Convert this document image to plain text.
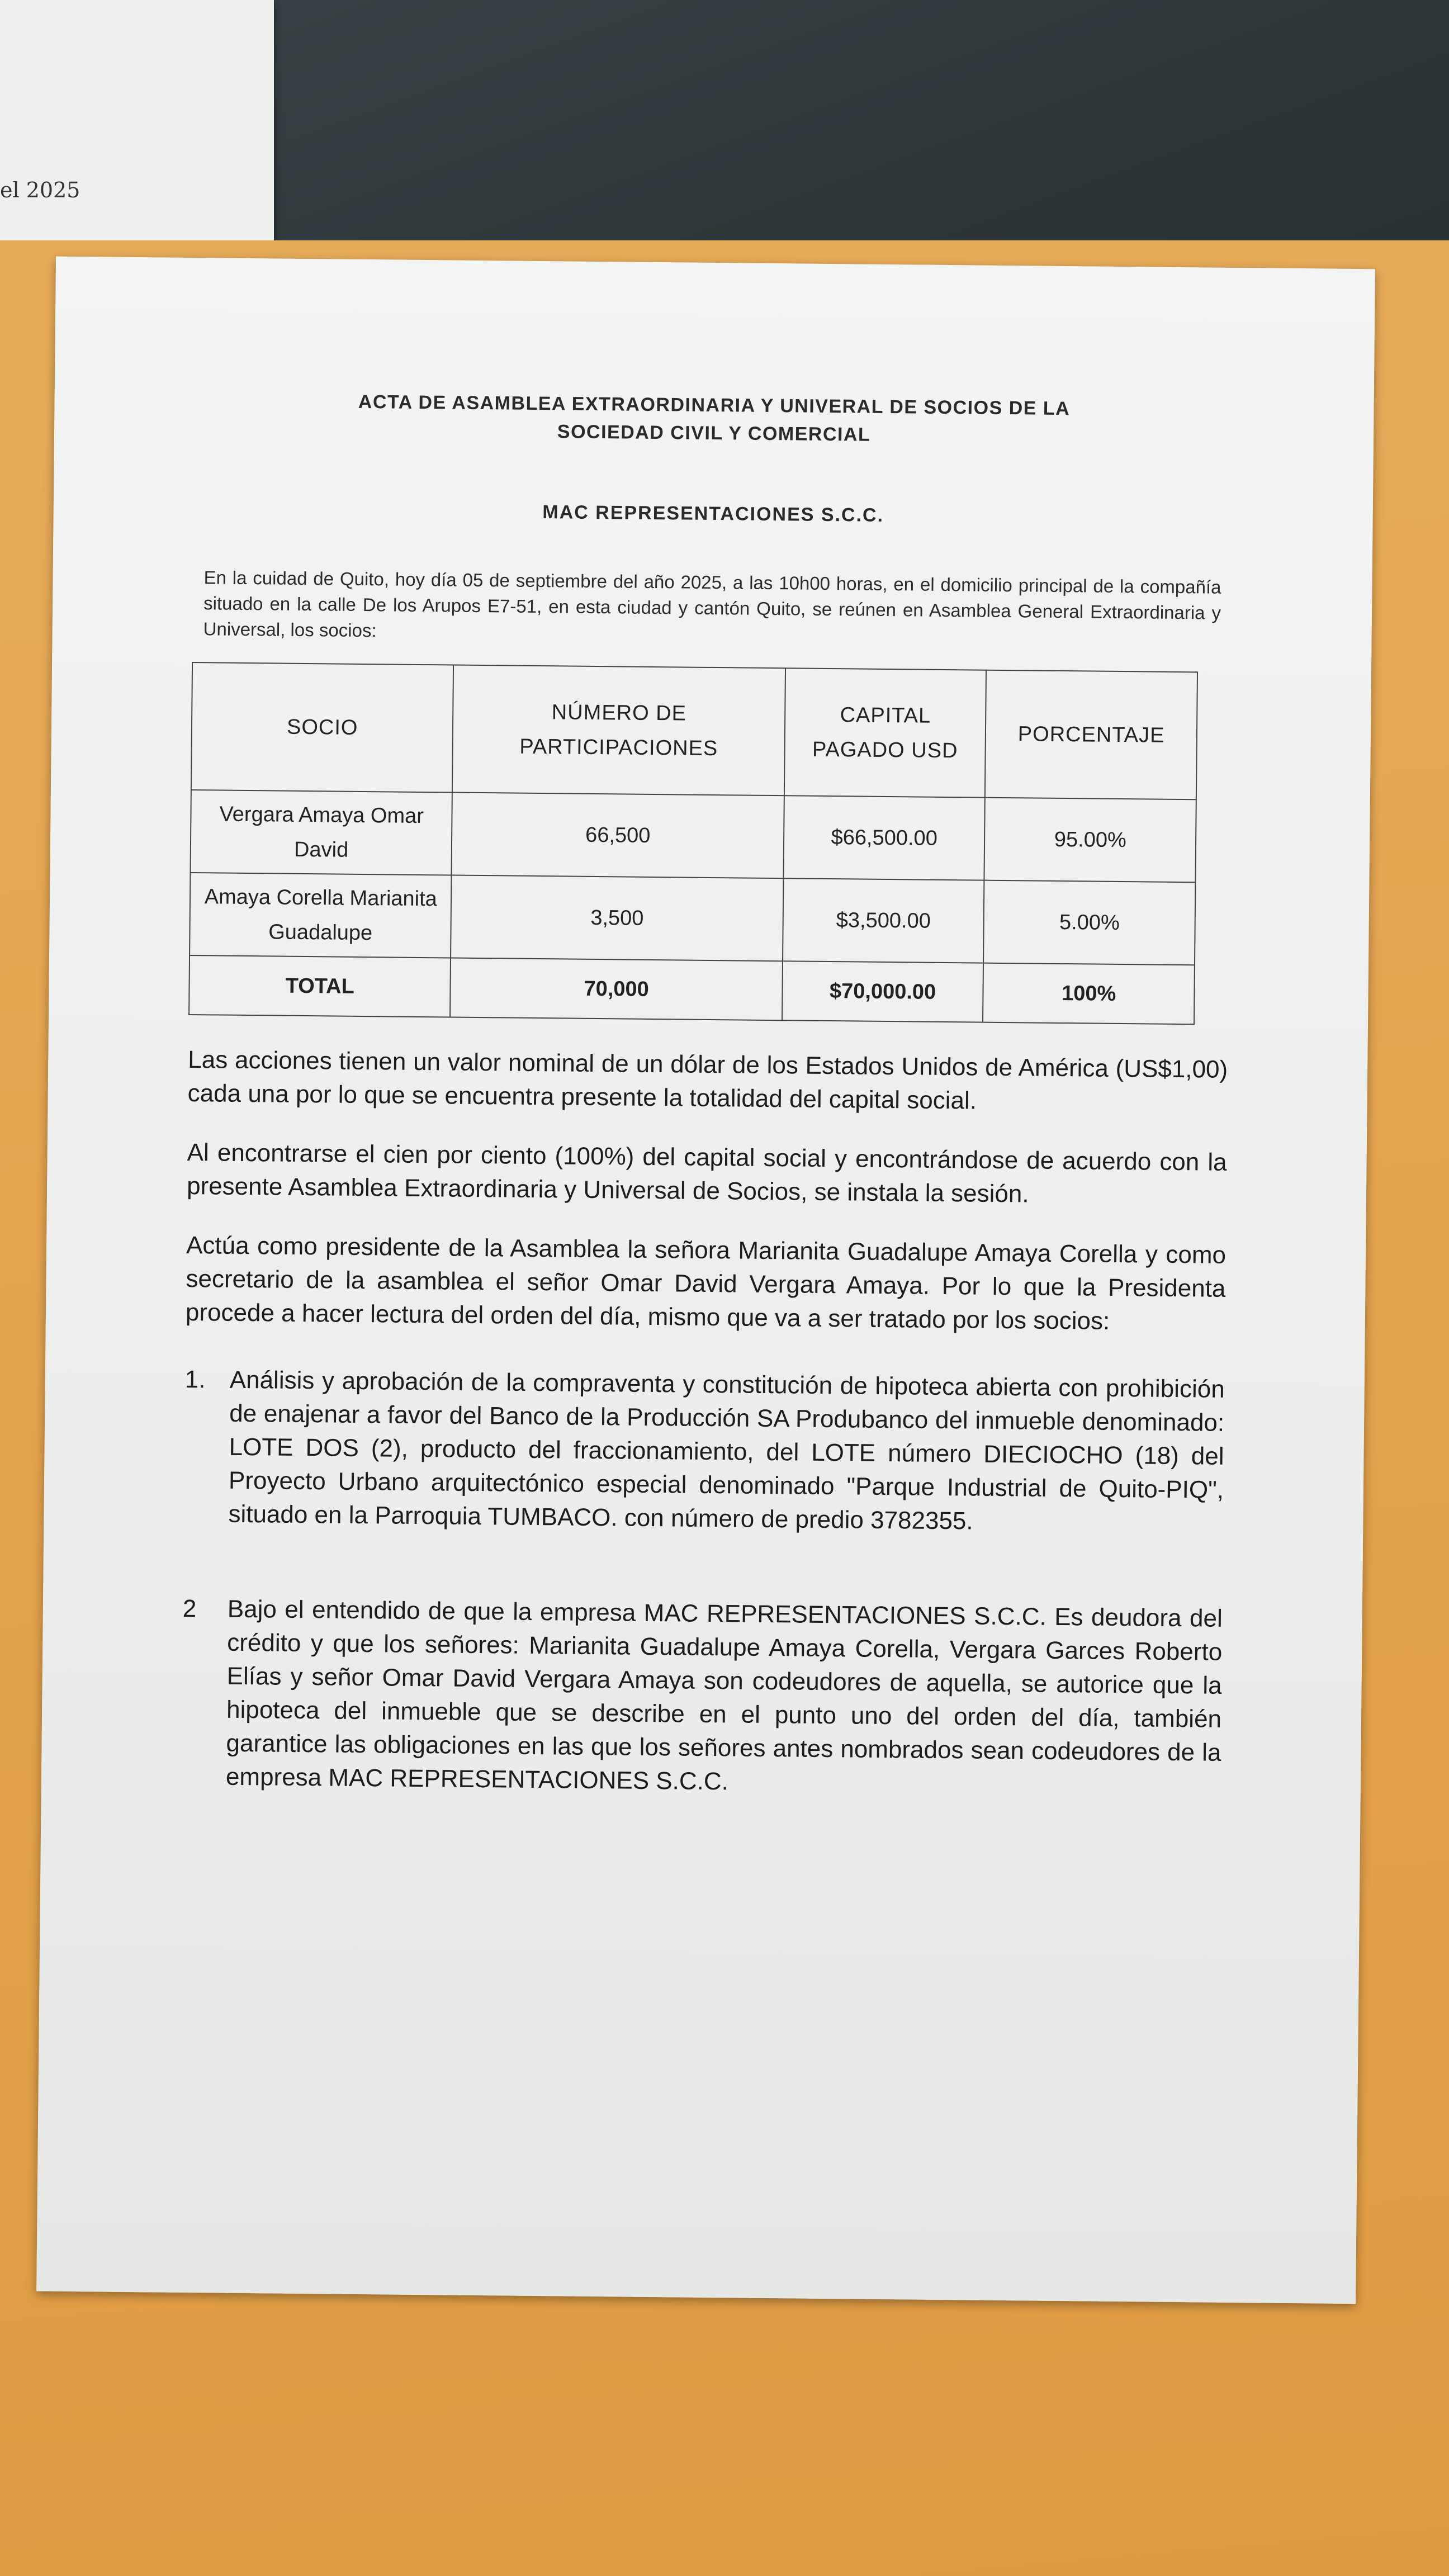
el 2025

ACTA DE ASAMBLEA EXTRAORDINARIA Y UNIVERAL DE SOCIOS DE LA
SOCIEDAD CIVIL Y COMERCIAL

MAC REPRESENTACIONES S.C.C.
En la cuidad de Quito, hoy día 05 de septiembre del año 2025, a las 10h00 horas, en el domicilio principal de la compañía situado en la calle De los Arupos E7-51, en esta ciudad y cantón Quito, se reúnen en Asamblea General Extraordinaria y Universal, los socios:
SOCIO	NÚMERO DE PARTICIPACIONES	CAPITAL PAGADO USD	PORCENTAJE
Vergara Amaya Omar David	66,500	$66,500.00	95.00%
Amaya Corella Marianita Guadalupe	3,500	$3,500.00	5.00%
TOTAL	70,000	$70,000.00	100%

Las acciones tienen un valor nominal de un dólar de los Estados Unidos de América (US$1,00) cada una por lo que se encuentra presente la totalidad del capital social.

Al encontrarse el cien por ciento (100%) del capital social y encontrándose de acuerdo con la presente Asamblea Extraordinaria y Universal de Socios, se instala la sesión.

Actúa como presidente de la Asamblea la señora Marianita Guadalupe Amaya Corella y como secretario de la asamblea el señor Omar David Vergara Amaya. Por lo que la Presidenta procede a hacer lectura del orden del día, mismo que va a ser tratado por los socios:

1. Análisis y aprobación de la compraventa y constitución de hipoteca abierta con prohibición de enajenar a favor del Banco de la Producción SA Produbanco del inmueble denominado: LOTE DOS (2), producto del fraccionamiento, del LOTE número DIECIOCHO (18) del Proyecto Urbano arquitectónico especial denominado "Parque Industrial de Quito-PIQ", situado en la Parroquia TUMBACO. con número de predio 3782355.
2	Bajo el entendido de que la empresa MAC REPRESENTACIONES S.C.C. Es deudora del crédito y que los señores: Marianita Guadalupe Amaya Corella, Vergara Garces Roberto Elías y señor Omar David Vergara Amaya son codeudores de aquella, se autorice que la hipoteca del inmueble que se describe en el punto uno del orden del día, también garantice las obligaciones en las que los señores antes nombrados sean codeudores de la empresa MAC REPRESENTACIONES S.C.C.
